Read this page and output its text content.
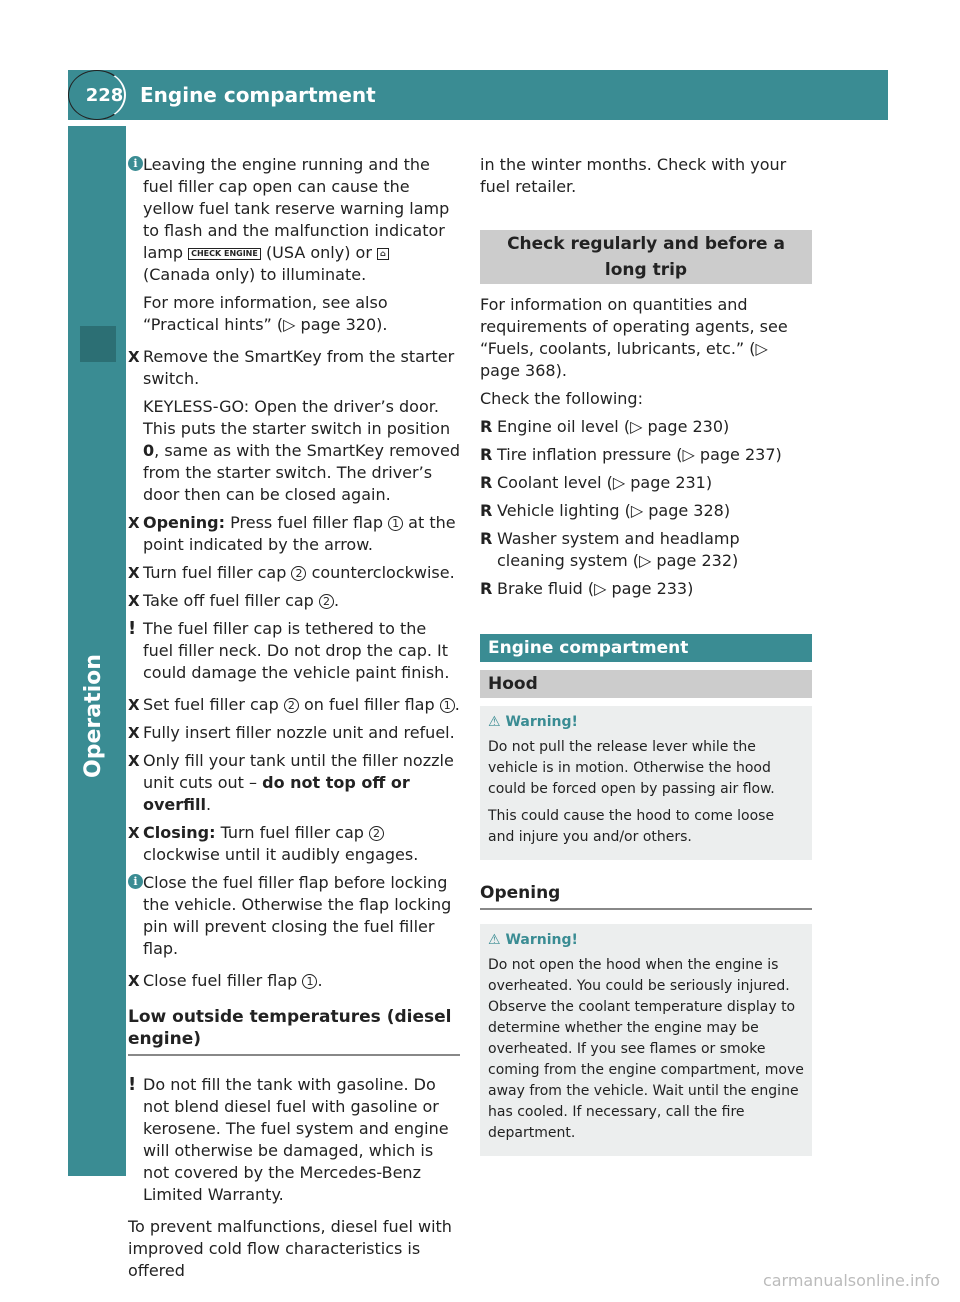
228 Engine compartment
Operation
i Leaving the engine running and the fuel filler cap open can cause the yellow fuel tank reserve warning lamp to flash and the malfunction indicator lamp CHECK ENGINE (USA only) or ⌂ (Canada only) to illuminate.

For more information, see also “Practical hints” (▷ page 320).

X Remove the SmartKey from the starter switch.

KEYLESS-GO: Open the driver’s door. This puts the starter switch in position 0, same as with the SmartKey removed from the starter switch. The driver’s door then can be closed again.

X Opening: Press fuel filler flap 1 at the point indicated by the arrow.

X Turn fuel filler cap 2 counterclockwise.

X Take off fuel filler cap 2 .

! The fuel filler cap is tethered to the fuel filler neck. Do not drop the cap. It could damage the vehicle paint finish.

X Set fuel filler cap 2 on fuel filler flap 1 .

X Fully insert filler nozzle unit and refuel.

X Only fill your tank until the filler nozzle unit cuts out – do not top off or overfill.

X Closing: Turn fuel filler cap 2 clockwise until it audibly engages.

i Close the fuel filler flap before locking the vehicle. Otherwise the flap locking pin will prevent closing the fuel filler flap.

X Close fuel filler flap 1 .

Low outside temperatures (diesel engine)
! Do not fill the tank with gasoline. Do not blend diesel fuel with gasoline or kerosene. The fuel system and engine will otherwise be damaged, which is not covered by the Mercedes-Benz Limited Warranty.

To prevent malfunctions, diesel fuel with improved cold flow characteristics is offered

in the winter months. Check with your fuel retailer.

Check regularly and before a long trip

For information on quantities and requirements of operating agents, see “Fuels, coolants, lubricants, etc.” (▷ page 368).

Check the following:

R Engine oil level (▷ page 230)
R Tire inflation pressure (▷ page 237)
R Coolant level (▷ page 231)
R Vehicle lighting (▷ page 328)
R Washer system and headlamp cleaning system (▷ page 232)
R Brake fluid (▷ page 233)
Engine compartment
Hood
⚠ Warning!

Do not pull the release lever while the vehicle is in motion. Otherwise the hood could be forced open by passing air flow.

This could cause the hood to come loose and injure you and/or others.

Opening
⚠ Warning!

Do not open the hood when the engine is overheated. You could be seriously injured. Observe the coolant temperature display to determine whether the engine may be overheated. If you see flames or smoke coming from the engine compartment, move away from the vehicle. Wait until the engine has cooled. If necessary, call the fire department.

carmanualsonline.info
